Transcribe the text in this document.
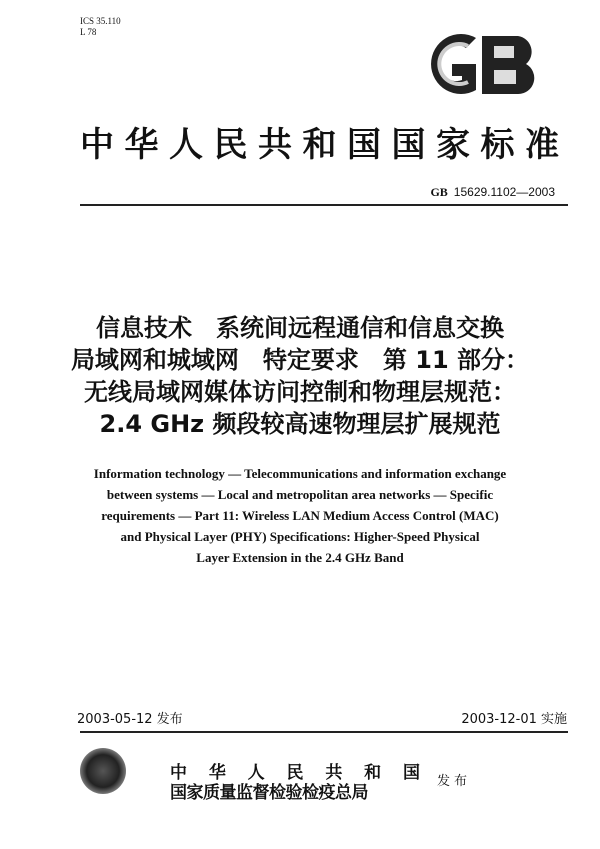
ICS 35.110
L 78
中华人民共和国国家标准
GB 15629.1102—2003
信息技术　系统间远程通信和信息交换
局域网和城域网　特定要求　第 11 部分：
无线局域网媒体访问控制和物理层规范：
2.4 GHz 频段较高速物理层扩展规范
Information technology — Telecommunications and information exchange
between systems — Local and metropolitan area networks — Specific
requirements — Part 11: Wireless LAN Medium Access Control (MAC)
and Physical Layer (PHY) Specifications: Higher-Speed Physical
Layer Extension in the 2.4 GHz Band
2003-05-12 发布	2003-12-01 实施
中 华 人 民 共 和 国
国家质量监督检验检疫总局
发布
